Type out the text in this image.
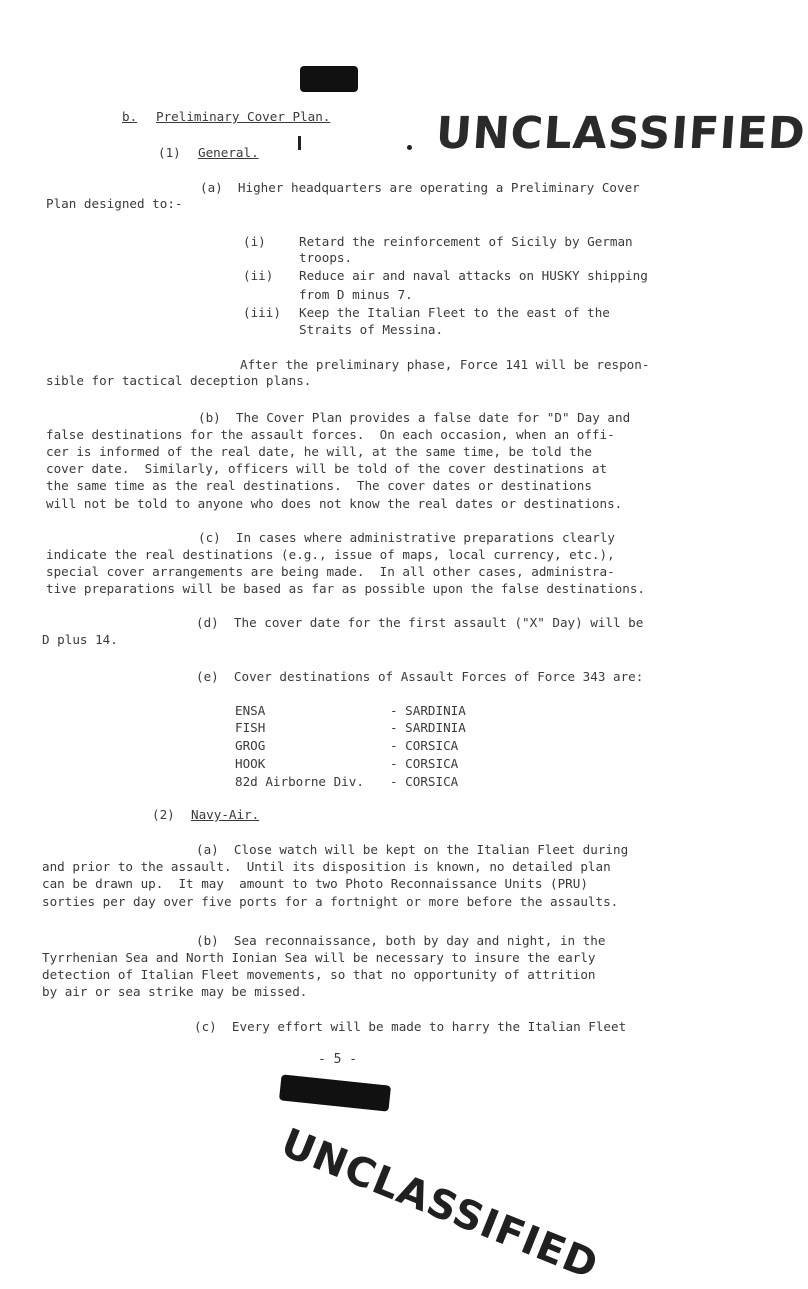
UNCLASSIFIED
b. Preliminary Cover Plan.
(1) General.
(a)  Higher headquarters are operating a Preliminary Cover
Plan designed to:-
(i)	Retard the reinforcement of Sicily by German
troops.
(ii) Reduce air and naval attacks on HUSKY shipping
from D minus 7.
(iii) Keep the Italian Fleet to the east of the
Straits of Messina.
After the preliminary phase, Force 141 will be respon-
sible for tactical deception plans.
(b)  The Cover Plan provides a false date for "D" Day and
false destinations for the assault forces.  On each occasion, when an offi-
cer is informed of the real date, he will, at the same time, be told the
cover date.  Similarly, officers will be told of the cover destinations at
the same time as the real destinations.  The cover dates or destinations
will not be told to anyone who does not know the real dates or destinations.
(c)  In cases where administrative preparations clearly
indicate the real destinations (e.g., issue of maps, local currency, etc.),
special cover arrangements are being made.  In all other cases, administra-
tive preparations will be based as far as possible upon the false destinations.
(d)  The cover date for the first assault ("X" Day) will be
D plus 14.
(e)  Cover destinations of Assault Forces of Force 343 are:
ENSA	- SARDINIA
FISH	- SARDINIA
GROG	- CORSICA
HOOK	- CORSICA
82d Airborne Div. - CORSICA
(2) Navy-Air.
(a)  Close watch will be kept on the Italian Fleet during
and prior to the assault.  Until its disposition is known, no detailed plan
can be drawn up.  It may  amount to two Photo Reconnaissance Units (PRU)
sorties per day over five ports for a fortnight or more before the assaults.
(b)  Sea reconnaissance, both by day and night, in the
Tyrrhenian Sea and North Ionian Sea will be necessary to insure the early
detection of Italian Fleet movements, so that no opportunity of attrition
by air or sea strike may be missed.
(c)  Every effort will be made to harry the Italian Fleet
- 5 -
UNCLASSIFIED
